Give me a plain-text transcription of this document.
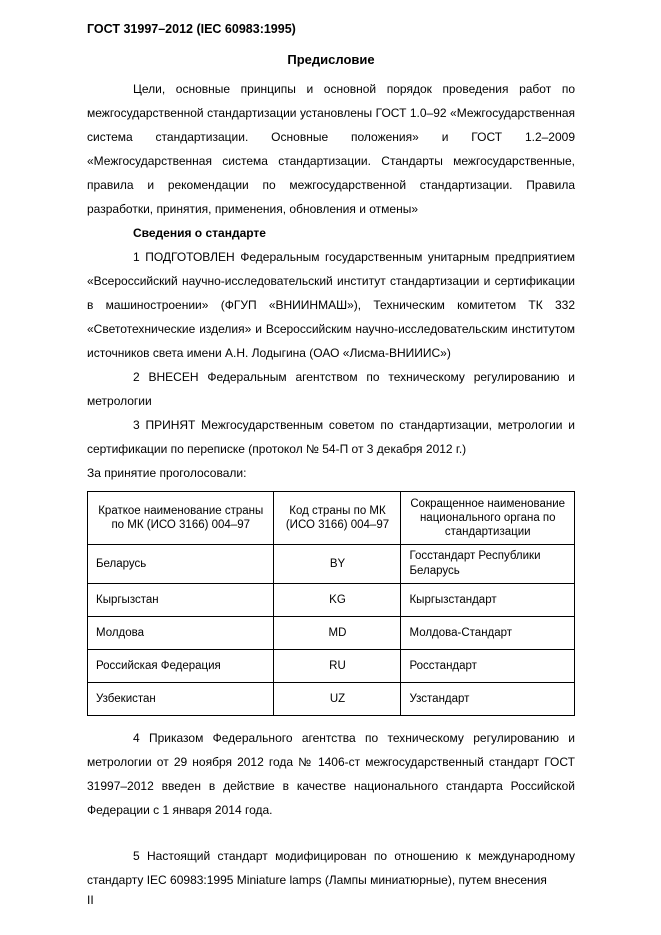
ГОСТ 31997–2012 (IEC 60983:1995)
Предисловие

Цели, основные принципы и основной порядок проведения работ по межгосударственной стандартизации установлены ГОСТ 1.0–92 «Межгосударственная система стандартизации. Основные положения» и ГОСТ 1.2–2009 «Межгосударственная система стандартизации. Стандарты межгосударственные, правила и рекомендации по межгосударственной стандартизации. Правила разработки, принятия, применения, обновления и отмены»

Сведения о стандарте

1 ПОДГОТОВЛЕН Федеральным государственным унитарным предприятием «Всероссийский научно-исследовательский институт стандартизации и сертификации в машиностроении» (ФГУП «ВНИИНМАШ»), Техническим комитетом ТК 332 «Светотехнические изделия» и Всероссийским научно-исследовательским институтом источников света имени А.Н. Лодыгина (ОАО «Лисма-ВНИИИС»)

2 ВНЕСЕН Федеральным агентством по техническому регулированию и метрологии

3 ПРИНЯТ Межгосударственным советом по стандартизации, метрологии и сертификации по переписке (протокол № 54-П от 3 декабря 2012 г.)

За принятие проголосовали:

Краткое наименование страны по МК (ИСО 3166) 004–97	Код страны по МК (ИСО 3166) 004–97	Сокращенное наименование национального органа по стандартизации
Беларусь	BY	Госстандарт Республики Беларусь
Кыргызстан	KG	Кыргызстандарт
Молдова	MD	Молдова-Стандарт
Российская Федерация	RU	Росстандарт
Узбекистан	UZ	Узстандарт

4 Приказом Федерального агентства по техническому регулированию и метрологии от 29 ноября 2012 года № 1406-ст межгосударственный стандарт ГОСТ 31997–2012 введен в действие в качестве национального стандарта Российской Федерации с 1 января 2014 года.

5 Настоящий стандарт модифицирован по отношению к международному стандарту IEC 60983:1995 Miniature lamps (Лампы миниатюрные), путем внесения

II
